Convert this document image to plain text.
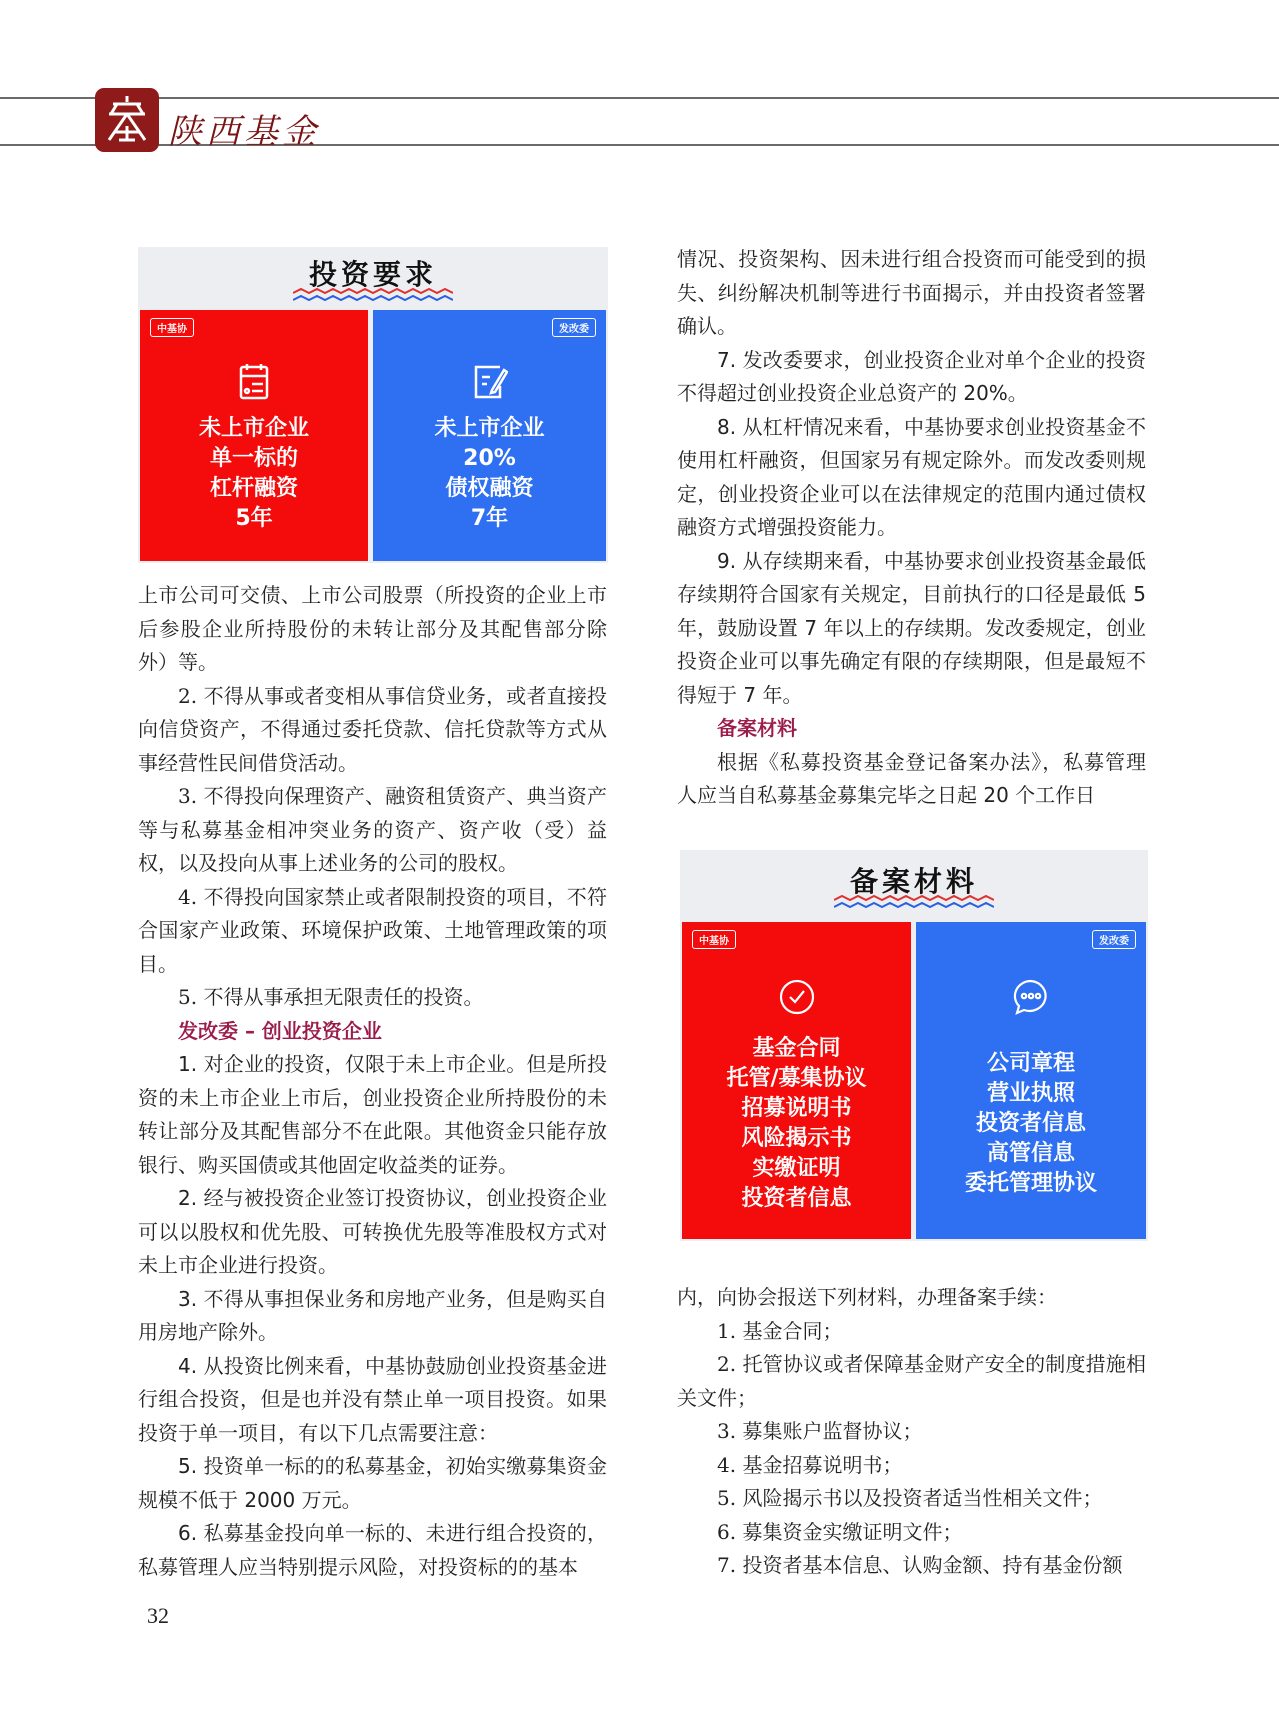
陕西基金
投资要求
中基协
未上市企业
单一标的
杠杆融资
5年
发改委
未上市企业
20%
债权融资
7年

上市公司可交债、上市公司股票（所投资的企业上市后参股企业所持股份的未转让部分及其配售部分除外）等。

2. 不得从事或者变相从事信贷业务，或者直接投向信贷资产，不得通过委托贷款、信托贷款等方式从事经营性民间借贷活动。

3. 不得投向保理资产、融资租赁资产、典当资产等与私募基金相冲突业务的资产、资产收（受）益权，以及投向从事上述业务的公司的股权。

4. 不得投向国家禁止或者限制投资的项目，不符合国家产业政策、环境保护政策、土地管理政策的项目。

5. 不得从事承担无限责任的投资。

发改委 – 创业投资企业

1. 对企业的投资，仅限于未上市企业。但是所投资的未上市企业上市后，创业投资企业所持股份的未转让部分及其配售部分不在此限。其他资金只能存放银行、购买国债或其他固定收益类的证券。

2. 经与被投资企业签订投资协议，创业投资企业可以以股权和优先股、可转换优先股等准股权方式对未上市企业进行投资。

3. 不得从事担保业务和房地产业务，但是购买自用房地产除外。

4. 从投资比例来看，中基协鼓励创业投资基金进行组合投资，但是也并没有禁止单一项目投资。如果投资于单一项目，有以下几点需要注意：

5. 投资单一标的的私募基金，初始实缴募集资金规模不低于 2000 万元。

6. 私募基金投向单一标的、未进行组合投资的，私募管理人应当特别提示风险，对投资标的的基本

情况、投资架构、因未进行组合投资而可能受到的损失、纠纷解决机制等进行书面揭示，并由投资者签署确认。

7. 发改委要求，创业投资企业对单个企业的投资不得超过创业投资企业总资产的 20%。

8. 从杠杆情况来看，中基协要求创业投资基金不使用杠杆融资，但国家另有规定除外。而发改委则规定，创业投资企业可以在法律规定的范围内通过债权融资方式增强投资能力。

9. 从存续期来看，中基协要求创业投资基金最低存续期符合国家有关规定，目前执行的口径是最低 5 年，鼓励设置 7 年以上的存续期。发改委规定，创业投资企业可以事先确定有限的存续期限，但是最短不得短于 7 年。

备案材料

根据《私募投资基金登记备案办法》，私募管理人应当自私募基金募集完毕之日起 20 个工作日

备案材料
中基协
基金合同
托管/募集协议
招募说明书
风险揭示书
实缴证明
投资者信息
发改委
公司章程
营业执照
投资者信息
高管信息
委托管理协议

内，向协会报送下列材料，办理备案手续：

1. 基金合同；

2. 托管协议或者保障基金财产安全的制度措施相关文件；

3. 募集账户监督协议；

4. 基金招募说明书；

5. 风险揭示书以及投资者适当性相关文件；

6. 募集资金实缴证明文件；

7. 投资者基本信息、认购金额、持有基金份额

32
